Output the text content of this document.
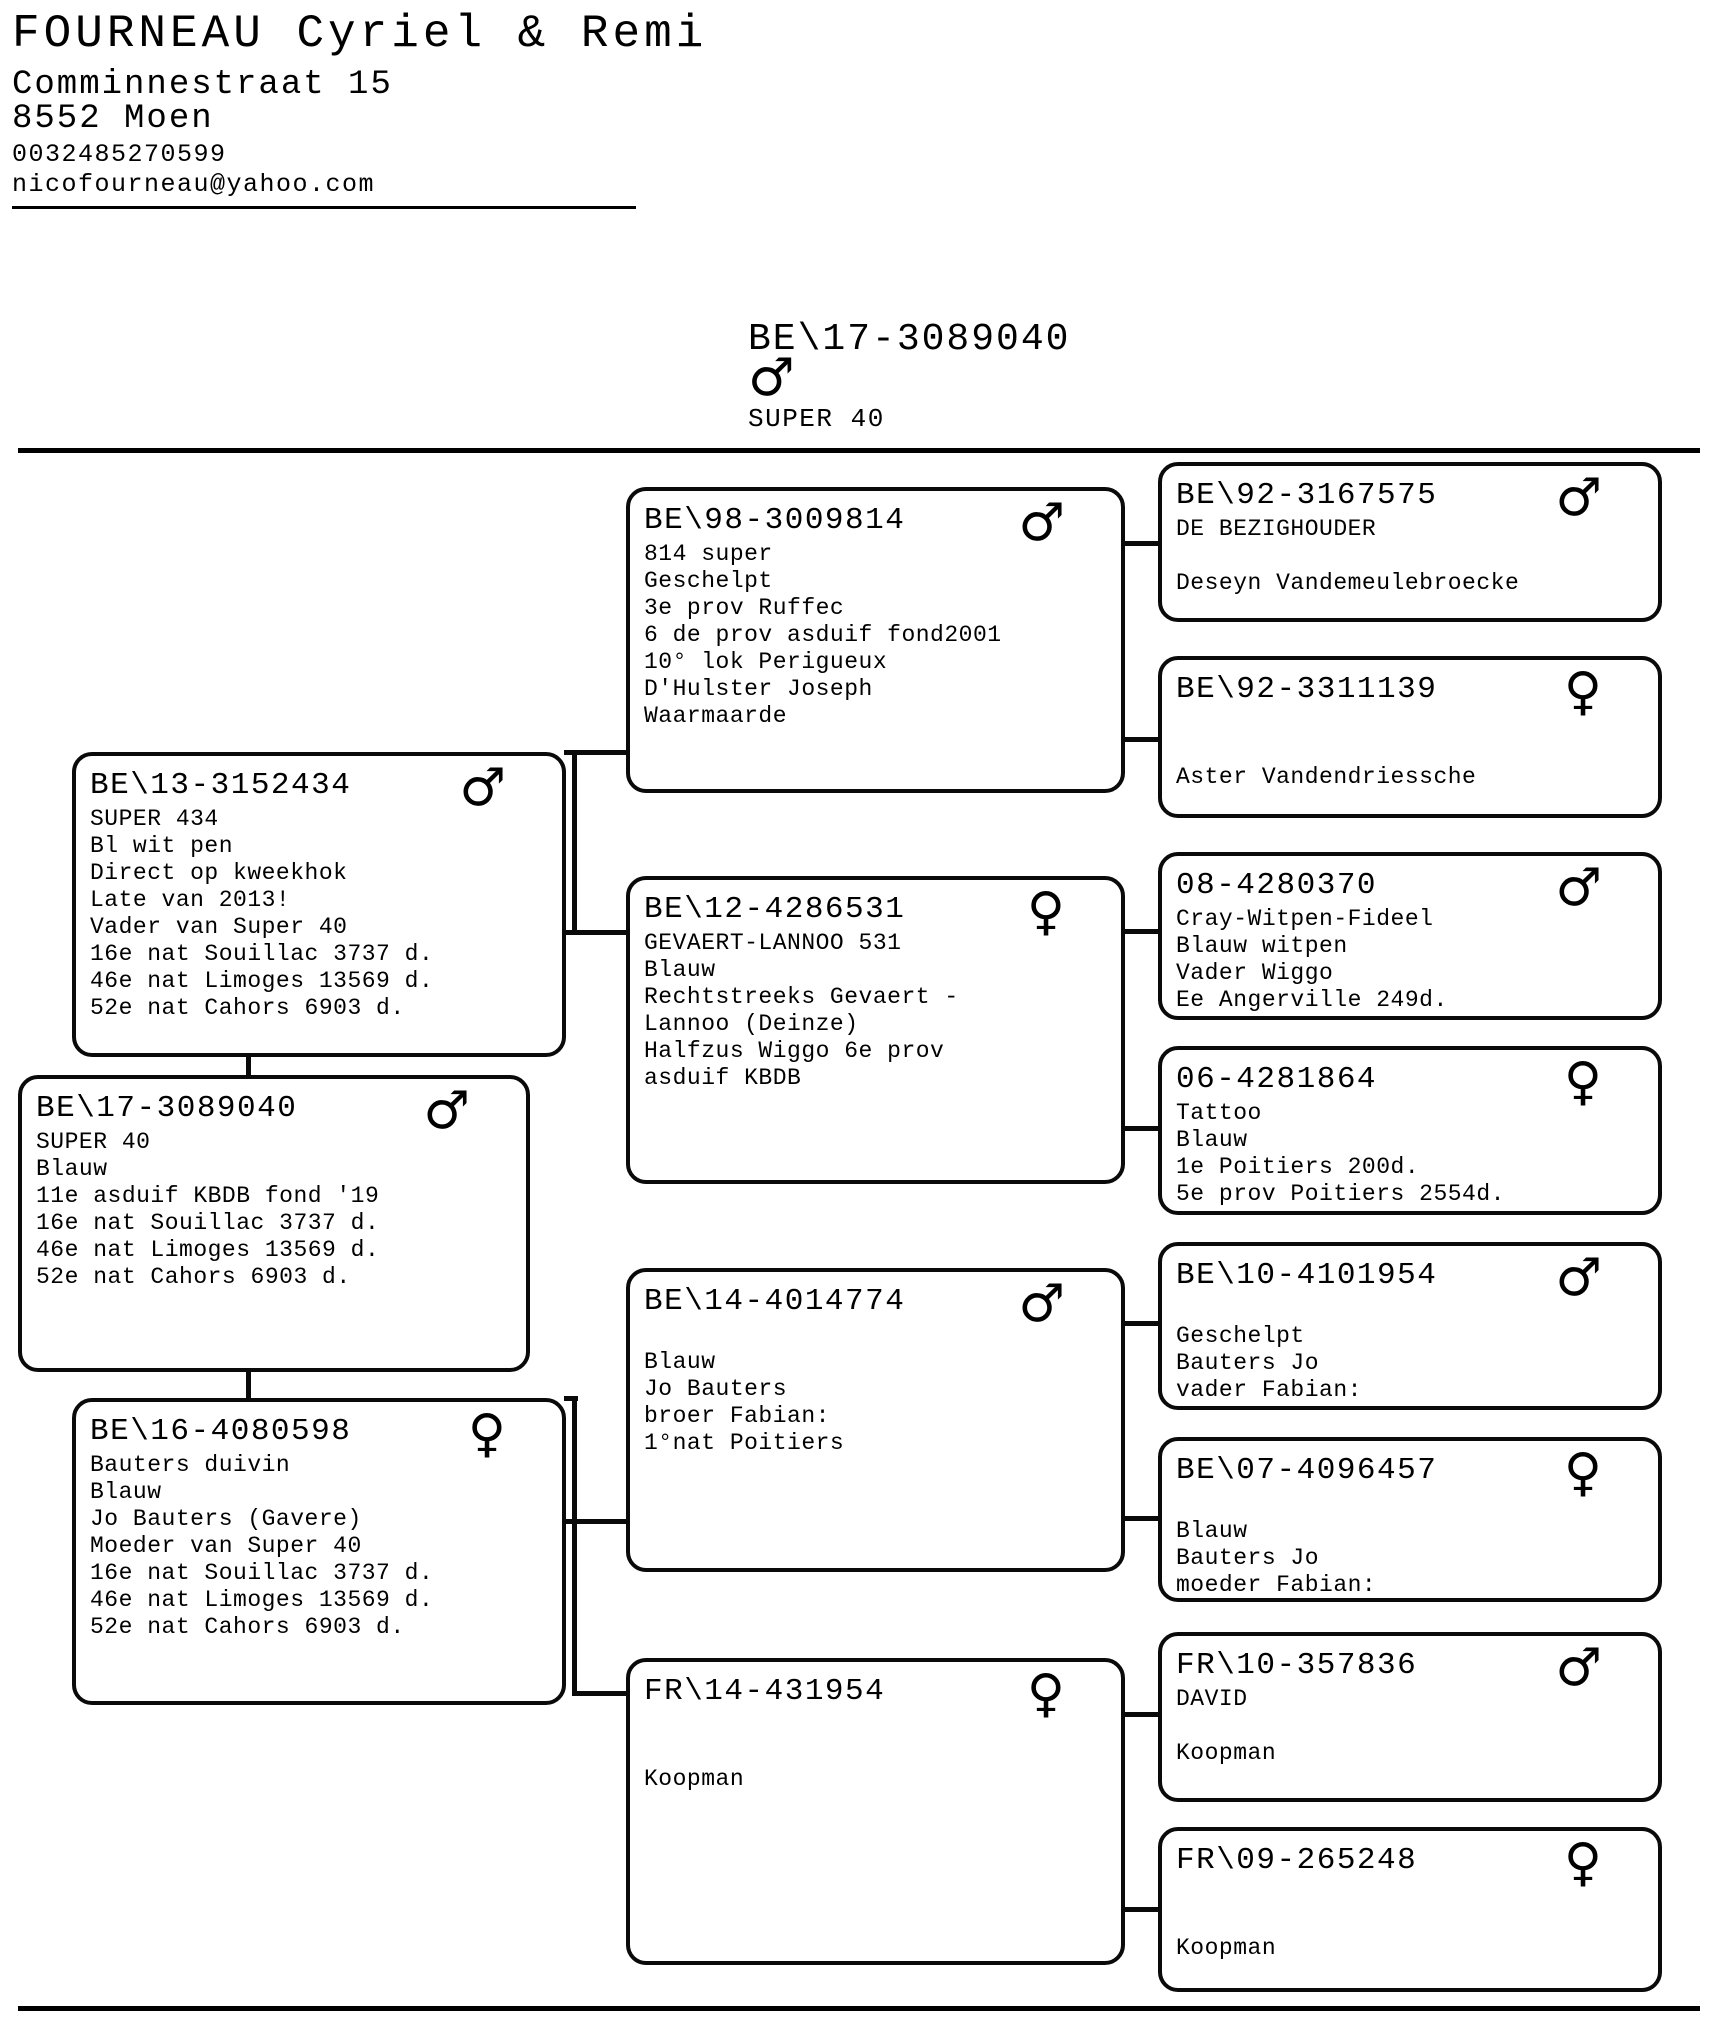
FOURNEAU Cyriel & Remi
Comminnestraat 15
8552 Moen
0032485270599
nicofourneau@yahoo.com
BE\17-3089040
♂
SUPER 40
BE\13-3152434	♂
SUPER 434
Bl wit pen
Direct op kweekhok
Late van 2013!
Vader van Super 40
16e nat Souillac 3737 d.
46e nat Limoges 13569 d.
52e nat Cahors 6903 d.
BE\17-3089040	♂
SUPER 40
Blauw
11e asduif KBDB fond '19
16e nat Souillac 3737 d.
46e nat Limoges 13569 d.
52e nat Cahors 6903 d.
BE\16-4080598	♀
Bauters duivin
Blauw
Jo Bauters (Gavere)
Moeder van Super 40
16e nat Souillac 3737 d.
46e nat Limoges 13569 d.
52e nat Cahors 6903 d.
BE\98-3009814	♂
814 super
Geschelpt
3e prov Ruffec
6 de prov asduif fond2001
10° lok Perigueux
D'Hulster Joseph
Waarmaarde
BE\12-4286531	♀
GEVAERT-LANNOO 531
Blauw
Rechtstreeks Gevaert -
Lannoo (Deinze)
Halfzus Wiggo 6e prov
asduif KBDB
BE\14-4014774	♂
Blauw
Jo Bauters
broer Fabian:
1°nat Poitiers
FR\14-431954	♀
Koopman
BE\92-3167575	♂
DE BEZIGHOUDER
Deseyn Vandemeulebroecke
BE\92-3311139	♀
Aster Vandendriessche
08-4280370	♂
Cray-Witpen-Fideel
Blauw witpen
Vader Wiggo
Ee Angerville 249d.
06-4281864	♀
Tattoo
Blauw
1e Poitiers 200d.
5e prov Poitiers 2554d.
BE\10-4101954	♂
Geschelpt
Bauters Jo
vader Fabian:
BE\07-4096457	♀
Blauw
Bauters Jo
moeder Fabian:
FR\10-357836	♂
DAVID
Koopman
FR\09-265248	♀
Koopman
